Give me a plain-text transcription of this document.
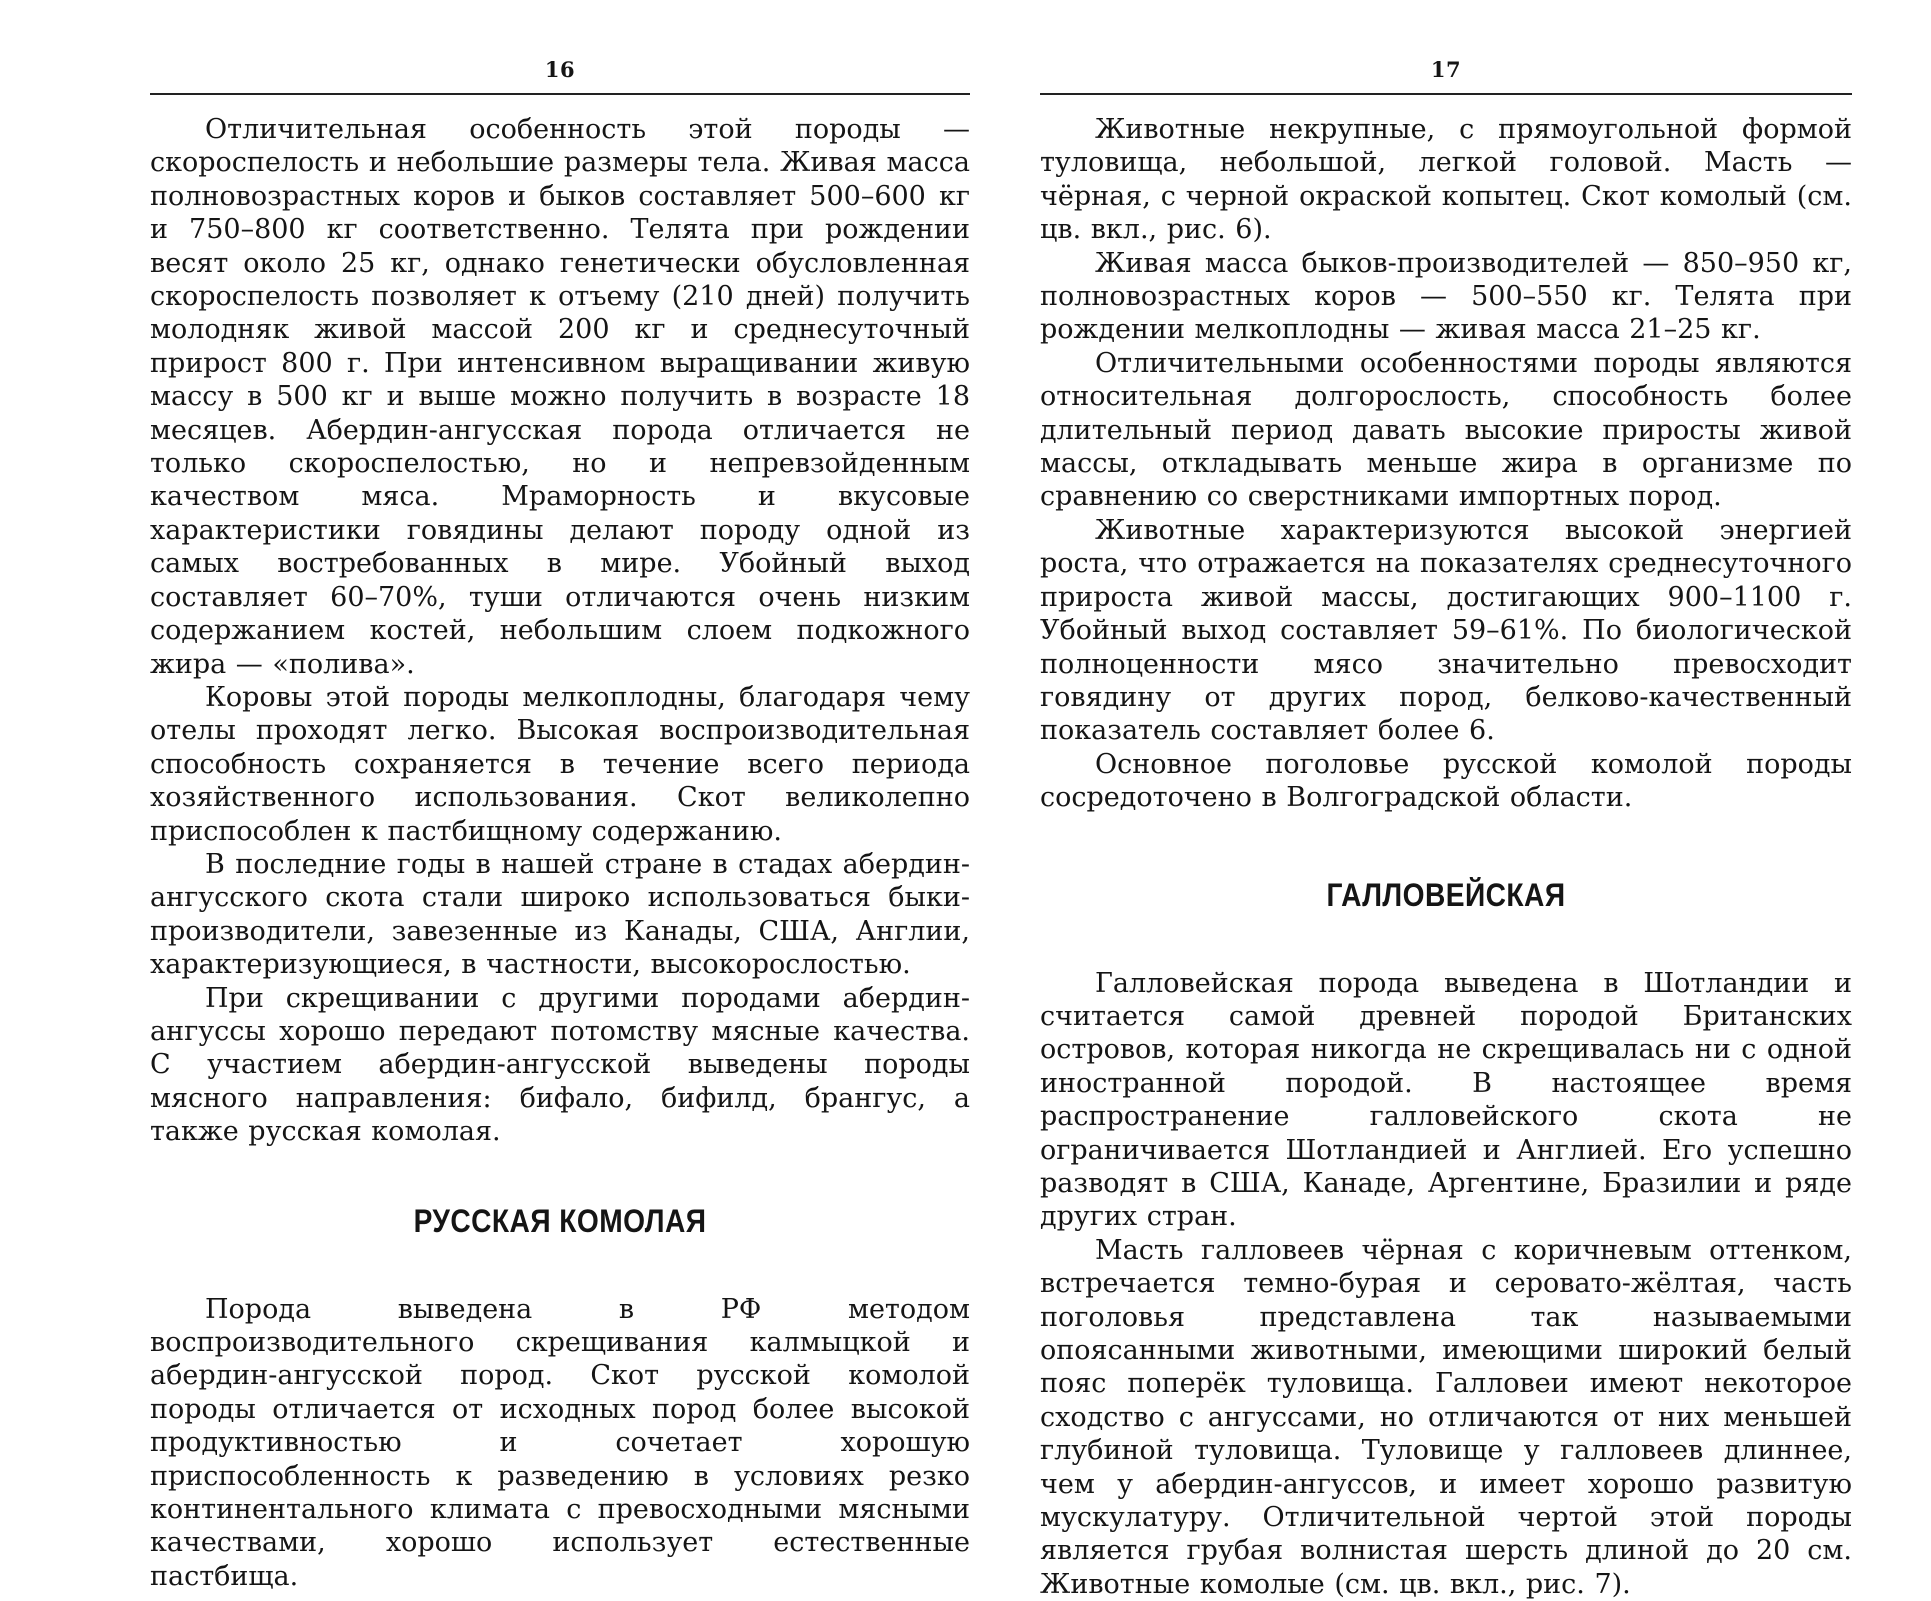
16

Отличительная особенность этой породы — скороспелость и небольшие размеры тела. Живая масса полновозрастных коров и быков составляет 500–600 кг и 750–800 кг соответственно. Телята при рождении весят около 25 кг, однако генетически обусловленная скороспелость позволяет к отъему (210 дней) получить молодняк живой массой 200 кг и среднесуточный прирост 800 г. При интенсивном выращивании живую массу в 500 кг и выше можно получить в возрасте 18 месяцев. Абердин-ангусская порода отличается не только скороспелостью, но и непревзойденным качеством мяса. Мраморность и вкусовые характеристики говядины делают породу одной из самых востребованных в мире. Убойный выход составляет 60–70%, туши отличаются очень низким содержанием костей, небольшим слоем подкожного жира — «полива».

Коровы этой породы мелкоплодны, благодаря чему отелы проходят легко. Высокая воспроизводительная способность сохраняется в течение всего периода хозяйственного использования. Скот великолепно приспособлен к пастбищному содержанию.

В последние годы в нашей стране в стадах абердин-ангусского скота стали широко использоваться быки-производители, завезенные из Канады, США, Англии, характеризующиеся, в частности, высокорослостью.

При скрещивании с другими породами абердин-ангуссы хорошо передают потомству мясные качества. С участием абердин-ангусской выведены породы мясного направления: бифало, бифилд, брангус, а также русская комолая.

РУССКАЯ КОМОЛАЯ

Порода выведена в РФ методом воспроизводительного скрещивания калмыцкой и абердин-ангусской пород. Скот русской комолой породы отличается от исходных пород более высокой продуктивностью и сочетает хорошую приспособленность к разведению в условиях резко континентального климата с превосходными мясными качествами, хорошо использует естественные пастбища.

17

Животные некрупные, с прямоугольной формой туловища, небольшой, легкой головой. Масть — чёрная, с черной окраской копытец. Скот комолый (см. цв. вкл., рис. 6).

Живая масса быков-производителей — 850–950 кг, полновозрастных коров — 500–550 кг. Телята при рождении мелкоплодны — живая масса 21–25 кг.

Отличительными особенностями породы являются относительная долгорослость, способность более длительный период давать высокие приросты живой массы, откладывать меньше жира в организме по сравнению со сверстниками импортных пород.

Животные характеризуются высокой энергией роста, что отражается на показателях среднесуточного прироста живой массы, достигающих 900–1100 г. Убойный выход составляет 59–61%. По биологической полноценности мясо значительно превосходит говядину от других пород, белково-качественный показатель составляет более 6.

Основное поголовье русской комолой породы сосредоточено в Волгоградской области.

ГАЛЛОВЕЙСКАЯ

Галловейская порода выведена в Шотландии и считается самой древней породой Британских островов, которая никогда не скрещивалась ни с одной иностранной породой. В настоящее время распространение галловейского скота не ограничивается Шотландией и Англией. Его успешно разводят в США, Канаде, Аргентине, Бразилии и ряде других стран.

Масть галловеев чёрная с коричневым оттенком, встречается темно-бурая и серовато-жёлтая, часть поголовья представлена так называемыми опоясанными животными, имеющими широкий белый пояс поперёк туловища. Галловеи имеют некоторое сходство с ангуссами, но отличаются от них меньшей глубиной туловища. Туловище у галловеев длиннее, чем у абердин-ангуссов, и имеет хорошо развитую мускулатуру. Отличительной чертой этой породы является грубая волнистая шерсть длиной до 20 см. Животные комолые (см. цв. вкл., рис. 7).
